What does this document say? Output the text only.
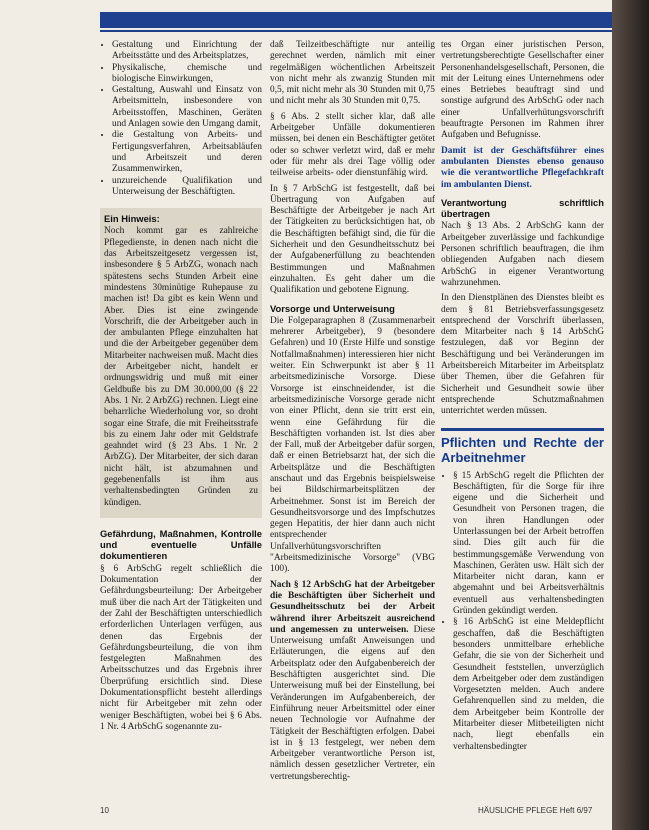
• Gestaltung und Einrichtung der Arbeitsstätte und des Arbeitsplatzes,
• Physikalische, chemische und biologische Einwirkungen,
• Gestaltung, Auswahl und Einsatz von Arbeitsmitteln, insbesondere von Arbeitsstoffen, Maschinen, Geräten und Anlagen sowie den Umgang damit,
• die Gestaltung von Arbeits- und Fertigungsverfahren, Arbeitsabläufen und Arbeitszeit und deren Zusammenwirken,
• unzureichende Qualifikation und Unterweisung der Beschäftigten.
Ein Hinweis:

Noch kommt gar es zahlreiche Pflegedienste, in denen nach nicht die das Arbeitszeitgesetz vergessen ist, insbesondere § 5 ArbZG, wonach nach spätestens sechs Stunden Arbeit eine mindestens 30minütige Ruhepause zu machen ist! Da gibt es kein Wenn und Aber. Dies ist eine zwingende Vorschrift, die der Arbeitgeber auch in der ambulanten Pflege einzuhalten hat und die der Arbeitgeber gegenüber dem Mitarbeiter nachweisen muß. Macht dies der Arbeitgeber nicht, handelt er ordnungswidrig und muß mit einer Geldbuße bis zu DM 30.000,00 (§ 22 Abs. 1 Nr. 2 ArbZG) rechnen. Liegt eine beharrliche Wiederholung vor, so droht sogar eine Strafe, die mit Freiheitsstrafe bis zu einem Jahr oder mit Geldstrafe geahndet wird (§ 23 Abs. 1 Nr. 2 ArbZG). Der Mitarbeiter, der sich daran nicht hält, ist abzumahnen und gegebenenfalls ist ihm aus verhaltensbedingten Gründen zu kündigen.

Gefährdung, Maßnahmen, Kontrolle und eventuelle Unfälle dokumentieren

§ 6 ArbSchG regelt schließlich die Dokumentation der Gefährdungsbeurteilung: Der Arbeitgeber muß über die nach Art der Tätigkeiten und der Zahl der Beschäftigten unterschiedlich erforderlichen Unterlagen verfügen, aus denen das Ergebnis der Gefährdungsbeurteilung, die von ihm festgelegten Maßnahmen des Arbeitsschutzes und das Ergebnis ihrer Überprüfung ersichtlich sind. Diese Dokumentationspflicht besteht allerdings nicht für Arbeitgeber mit zehn oder weniger Beschäftigten, wobei bei § 6 Abs. 1 Nr. 4 ArbSchG sogenannte zu-

daß Teilzeitbeschäftigte nur anteilig gerechnet werden, nämlich mit einer regelmäßigen wöchentlichen Arbeitszeit von nicht mehr als zwanzig Stunden mit 0,5, mit nicht mehr als 30 Stunden mit 0,75 und nicht mehr als 30 Stunden mit 0,75.

§ 6 Abs. 2 stellt sicher klar, daß alle Arbeitgeber Unfälle dokumentieren müssen, bei denen ein Beschäftigter getötet oder so schwer verletzt wird, daß er mehr oder für mehr als drei Tage völlig oder teilweise arbeits- oder dienstunfähig wird.

In § 7 ArbSchG ist festgestellt, daß bei Übertragung von Aufgaben auf Beschäftigte der Arbeitgeber je nach Art der Tätigkeiten zu berücksichtigen hat, ob die Beschäftigten befähigt sind, die für die Sicherheit und den Gesundheitsschutz bei der Aufgabenerfüllung zu beachtenden Bestimmungen und Maßnahmen einzuhalten. Es geht daher um die Qualifikation und gebotene Eignung.

Vorsorge und Unterweisung

Die Folgeparagraphen 8 (Zusammenarbeit mehrerer Arbeitgeber), 9 (besondere Gefahren) und 10 (Erste Hilfe und sonstige Notfallmaßnahmen) interessieren hier nicht weiter. Ein Schwerpunkt ist aber § 11 arbeitsmedizinische Vorsorge. Diese Vorsorge ist einschneidender, ist die arbeitsmedizinische Vorsorge gerade nicht von einer Pflicht, denn sie tritt erst ein, wenn eine Gefährdung für die Beschäftigten vorhanden ist. Ist dies aber der Fall, muß der Arbeitgeber dafür sorgen, daß er einen Betriebsarzt hat, der sich die Arbeitsplätze und die Beschäftigten anschaut und das Ergebnis beispielsweise bei Bildschirmarbeitsplätzen der Arbeitnehmer. Sonst ist im Bereich der Gesundheitsvorsorge und des Impfschutzes gegen Hepatitis, der hier dann auch nicht entsprechender Unfallverhütungsvorschriften "Arbeitsmedizinische Vorsorge" (VBG 100).

Nach § 12 ArbSchG hat der Arbeitgeber die Beschäftigten über Sicherheit und Gesundheitsschutz bei der Arbeit während ihrer Arbeitszeit ausreichend und angemessen zu unterweisen. Diese Unterweisung umfaßt Anweisungen und Erläuterungen, die eigens auf den Arbeitsplatz oder den Aufgabenbereich der Beschäftigten ausgerichtet sind. Die Unterweisung muß bei der Einstellung, bei Veränderungen im Aufgabenbereich, der Einführung neuer Arbeitsmittel oder einer neuen Technologie vor Aufnahme der Tätigkeit der Beschäftigten erfolgen. Dabei ist in § 13 festgelegt, wer neben dem Arbeitgeber verantwortliche Person ist, nämlich dessen gesetzlicher Vertreter, ein vertretungsberechtig-

tes Organ einer juristischen Person, vertretungsberechtigte Gesellschafter einer Personenhandelsgesellschaft, Personen, die mit der Leitung eines Unternehmens oder eines Betriebes beauftragt sind und sonstige aufgrund des ArbSchG oder nach einer Unfallverhütungsvorschrift beauftragte Personen im Rahmen ihrer Aufgaben und Befugnisse.

Damit ist der Geschäftsführer eines ambulanten Dienstes ebenso genauso wie die verantwortliche Pflegefachkraft im ambulanten Dienst.

Verantwortung schriftlich übertragen

Nach § 13 Abs. 2 ArbSchG kann der Arbeitgeber zuverlässige und fachkundige Personen schriftlich beauftragen, die ihm obliegenden Aufgaben nach diesem ArbSchG in eigener Verantwortung wahrzunehmen.

In den Dienstplänen des Dienstes bleibt es dem § 81 Betriebsverfassungsgesetz entsprechend der Vorschrift überlassen, dem Mitarbeiter nach § 14 ArbSchG festzulegen, daß vor Beginn der Beschäftigung und bei Veränderungen im Arbeitsbereich Mitarbeiter im Arbeitsplatz über Themen, über die Gefahren für Sicherheit und Gesundheit sowie über entsprechende Schutzmaßnahmen unterrichtet werden müssen.

Pflichten und Rechte der Arbeitnehmer
• § 15 ArbSchG regelt die Pflichten der Beschäftigten, für die Sorge für ihre eigene und die Sicherheit und Gesundheit von Personen tragen, die von ihren Handlungen oder Unterlassungen bei der Arbeit betroffen sind. Dies gilt auch für die bestimmungsgemäße Verwendung von Maschinen, Geräten usw. Hält sich der Mitarbeiter nicht daran, kann er abgemahnt und bei Arbeitsverhältnis eventuell aus verhaltensbedingten Gründen gekündigt werden.
• § 16 ArbSchG ist eine Meldepflicht geschaffen, daß die Beschäftigten besonders unmittelbare erhebliche Gefahr, die sie von der Sicherheit und Gesundheit feststellen, unverzüglich dem Arbeitgeber oder dem zuständigen Vorgesetzten melden. Auch andere Gefahrenquellen sind zu melden, die dem Arbeitgeber beim Kontrolle der Mitarbeiter dieser Mitbeteiligten nicht nach, liegt ebenfalls ein verhaltensbedingter
10	HÄUSLICHE PFLEGE Heft 6/97
